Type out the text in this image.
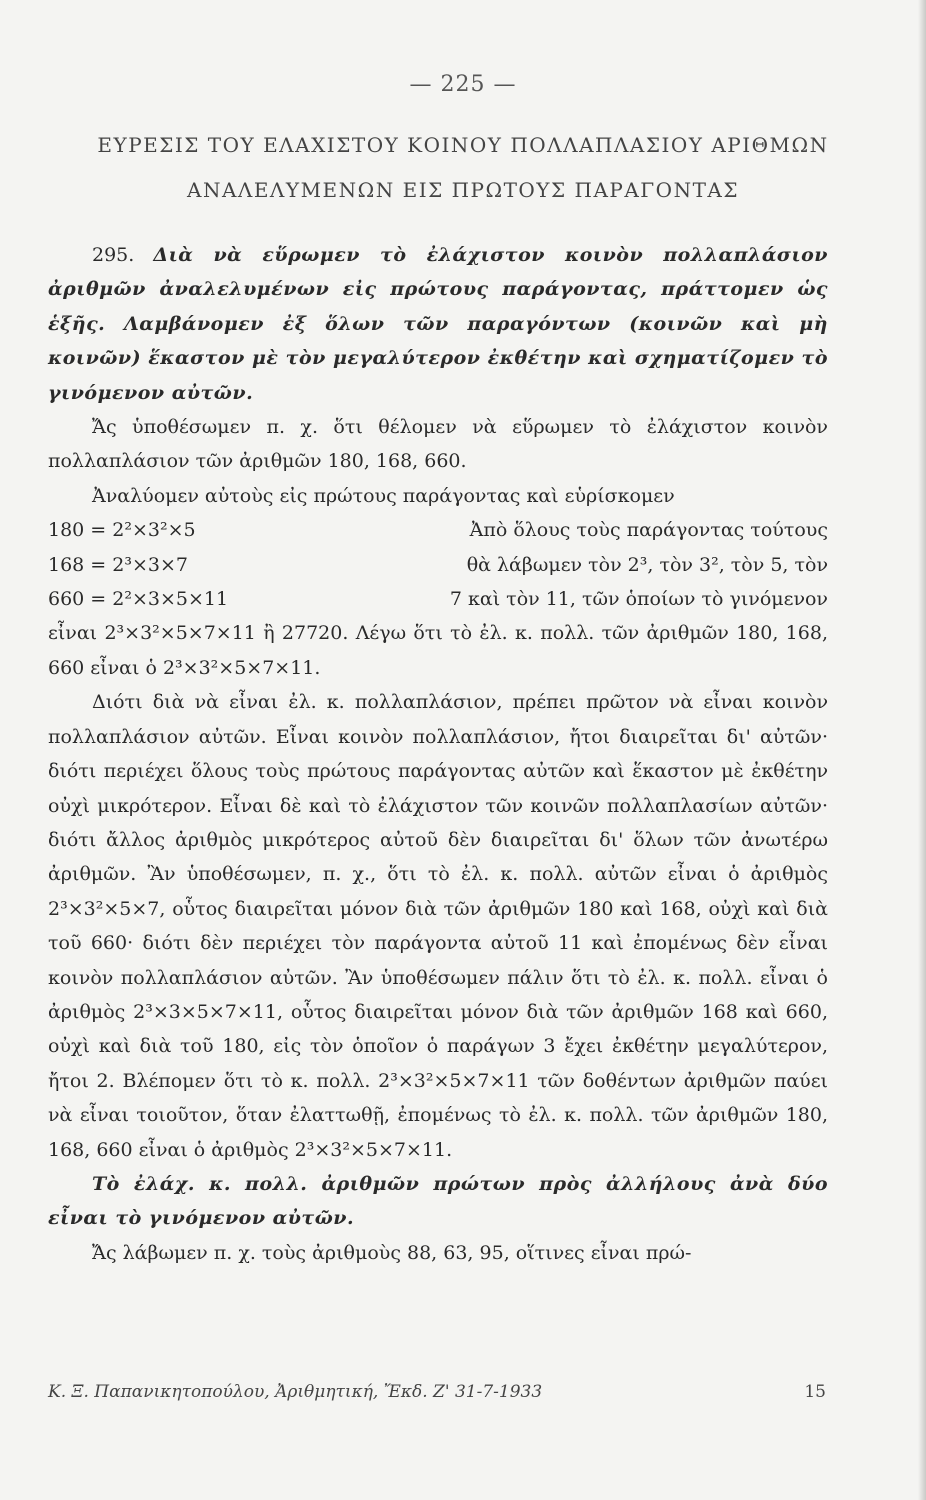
— 225 —
ΕΥΡΕΣΙΣ ΤΟΥ ΕΛΑΧΙΣΤΟΥ ΚΟΙΝΟΥ ΠΟΛΛΑΠΛΑΣΙΟΥ ΑΡΙΘΜΩΝ
ΑΝΑΛΕΛΥΜΕΝΩΝ ΕΙΣ ΠΡΩΤΟΥΣ ΠΑΡΑΓΟΝΤΑΣ

295. Διὰ νὰ εὕρωμεν τὸ ἐλάχιστον κοινὸν πολλαπλάσιον ἀριθμῶν ἀναλελυμένων εἰς πρώτους παράγοντας, πράττομεν ὡς ἑξῆς. Λαμβάνομεν ἐξ ὅλων τῶν παραγόντων (κοινῶν καὶ μὴ κοινῶν) ἕκαστον μὲ τὸν μεγαλύτερον ἐκθέτην καὶ σχηματίζομεν τὸ γινόμενον αὐτῶν.

Ἄς ὑποθέσωμεν π. χ. ὅτι θέλομεν νὰ εὕρωμεν τὸ ἐλάχιστον κοινὸν πολλαπλάσιον τῶν ἀριθμῶν 180, 168, 660.

Ἀναλύομεν αὐτοὺς εἰς πρώτους παράγοντας καὶ εὑρίσκομεν

180 = 2²×3²×5	Ἀπὸ ὅλους τοὺς παράγοντας τούτους
168 = 2³×3×7	θὰ λάβωμεν τὸν 2³, τὸν 3², τὸν 5, τὸν
660 = 2²×3×5×11	7 καὶ τὸν 11, τῶν ὁποίων τὸ γινόμενον

εἶναι 2³×3²×5×7×11 ἢ 27720. Λέγω ὅτι τὸ ἐλ. κ. πολλ. τῶν ἀριθμῶν 180, 168, 660 εἶναι ὁ 2³×3²×5×7×11.

Διότι διὰ νὰ εἶναι ἐλ. κ. πολλαπλάσιον, πρέπει πρῶτον νὰ εἶναι κοινὸν πολλαπλάσιον αὐτῶν. Εἶναι κοινὸν πολλαπλάσιον, ἤτοι διαιρεῖται δι' αὐτῶν· διότι περιέχει ὅλους τοὺς πρώτους παράγοντας αὐτῶν καὶ ἕκαστον μὲ ἐκθέτην οὐχὶ μικρότερον. Εἶναι δὲ καὶ τὸ ἐλάχιστον τῶν κοινῶν πολλαπλασίων αὐτῶν· διότι ἄλλος ἀριθμὸς μικρότερος αὐτοῦ δὲν διαιρεῖται δι' ὅλων τῶν ἀνωτέρω ἀριθμῶν. Ἂν ὑποθέσωμεν, π. χ., ὅτι τὸ ἐλ. κ. πολλ. αὐτῶν εἶναι ὁ ἀριθμὸς 2³×3²×5×7, οὗτος διαιρεῖται μόνον διὰ τῶν ἀριθμῶν 180 καὶ 168, οὐχὶ καὶ διὰ τοῦ 660· διότι δὲν περιέχει τὸν παράγοντα αὐτοῦ 11 καὶ ἐπομένως δὲν εἶναι κοινὸν πολλαπλάσιον αὐτῶν. Ἂν ὑποθέσωμεν πάλιν ὅτι τὸ ἐλ. κ. πολλ. εἶναι ὁ ἀριθμὸς 2³×3×5×7×11, οὗτος διαιρεῖται μόνον διὰ τῶν ἀριθμῶν 168 καὶ 660, οὐχὶ καὶ διὰ τοῦ 180, εἰς τὸν ὁποῖον ὁ παράγων 3 ἔχει ἐκθέτην μεγαλύτερον, ἤτοι 2. Βλέπομεν ὅτι τὸ κ. πολλ. 2³×3²×5×7×11 τῶν δοθέντων ἀριθμῶν παύει νὰ εἶναι τοιοῦτον, ὅταν ἐλαττωθῇ, ἐπομένως τὸ ἐλ. κ. πολλ. τῶν ἀριθμῶν 180, 168, 660 εἶναι ὁ ἀριθμὸς 2³×3²×5×7×11.

Τὸ ἐλάχ. κ. πολλ. ἀριθμῶν πρώτων πρὸς ἀλλήλους ἀνὰ δύο εἶναι τὸ γινόμενον αὐτῶν.

Ἄς λάβωμεν π. χ. τοὺς ἀριθμοὺς 88, 63, 95, οἵτινες εἶναι πρώ-

Κ. Ξ. Παπανικητοπούλου, Ἀριθμητική, Ἔκδ. Ζ' 31-7-1933	15
